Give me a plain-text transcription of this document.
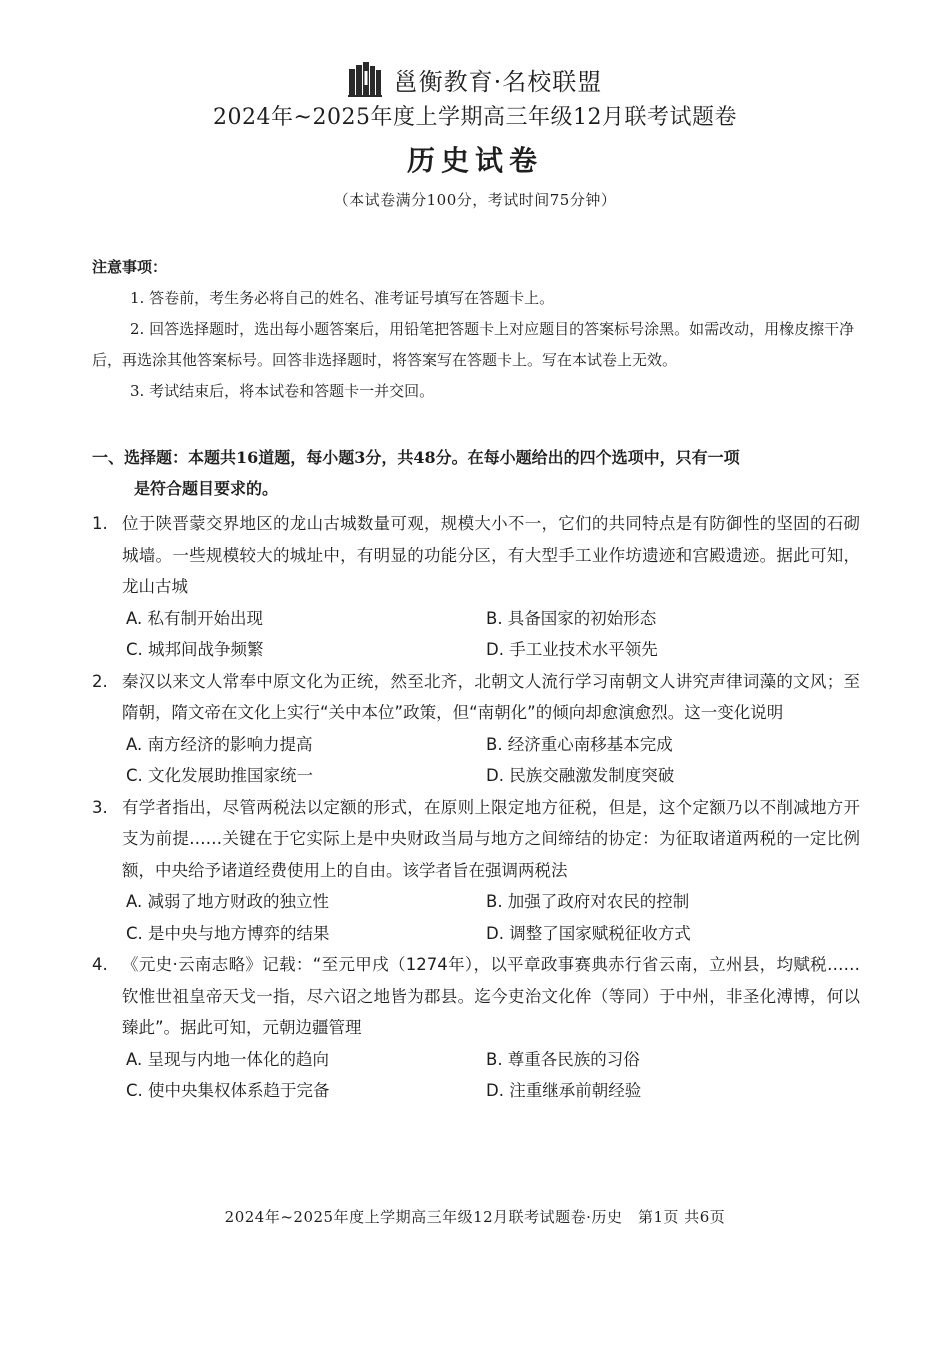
邕衡教育·名校联盟
2024年~2025年度上学期高三年级12月联考试题卷
历史试卷
（本试卷满分100分，考试时间75分钟）
注意事项：

1. 答卷前，考生务必将自己的姓名、准考证号填写在答题卡上。

2. 回答选择题时，选出每小题答案后，用铅笔把答题卡上对应题目的答案标号涂黑。如需改动，用橡皮擦干净后，再选涂其他答案标号。回答非选择题时，将答案写在答题卡上。写在本试卷上无效。

3. 考试结束后，将本试卷和答题卡一并交回。

一、选择题：本题共16道题，每小题3分，共48分。在每小题给出的四个选项中，只有一项
是符合题目要求的。
1. 位于陕晋蒙交界地区的龙山古城数量可观，规模大小不一，它们的共同特点是有防御性的坚固的石砌城墙。一些规模较大的城址中，有明显的功能分区，有大型手工业作坊遗迹和宫殿遗迹。据此可知，龙山古城
A. 私有制开始出现	B. 具备国家的初始形态
C. 城邦间战争频繁	D. 手工业技术水平领先
2. 秦汉以来文人常奉中原文化为正统，然至北齐，北朝文人流行学习南朝文人讲究声律词藻的文风；至隋朝，隋文帝在文化上实行“关中本位”政策，但“南朝化”的倾向却愈演愈烈。这一变化说明
A. 南方经济的影响力提高	B. 经济重心南移基本完成
C. 文化发展助推国家统一	D. 民族交融激发制度突破
3. 有学者指出，尽管两税法以定额的形式，在原则上限定地方征税，但是，这个定额乃以不削减地方开支为前提……关键在于它实际上是中央财政当局与地方之间缔结的协定：为征取诸道两税的一定比例额，中央给予诸道经费使用上的自由。该学者旨在强调两税法
A. 减弱了地方财政的独立性	B. 加强了政府对农民的控制
C. 是中央与地方博弈的结果	D. 调整了国家赋税征收方式
4. 《元史·云南志略》记载：“至元甲戌（1274年），以平章政事赛典赤行省云南，立州县，均赋税……钦惟世祖皇帝天戈一指，尽六诏之地皆为郡县。迄今吏治文化侔（等同）于中州，非圣化溥博，何以臻此”。据此可知，元朝边疆管理
A. 呈现与内地一体化的趋向	B. 尊重各民族的习俗
C. 使中央集权体系趋于完备	D. 注重继承前朝经验
2024年~2025年度上学期高三年级12月联考试题卷·历史　第1页 共6页
